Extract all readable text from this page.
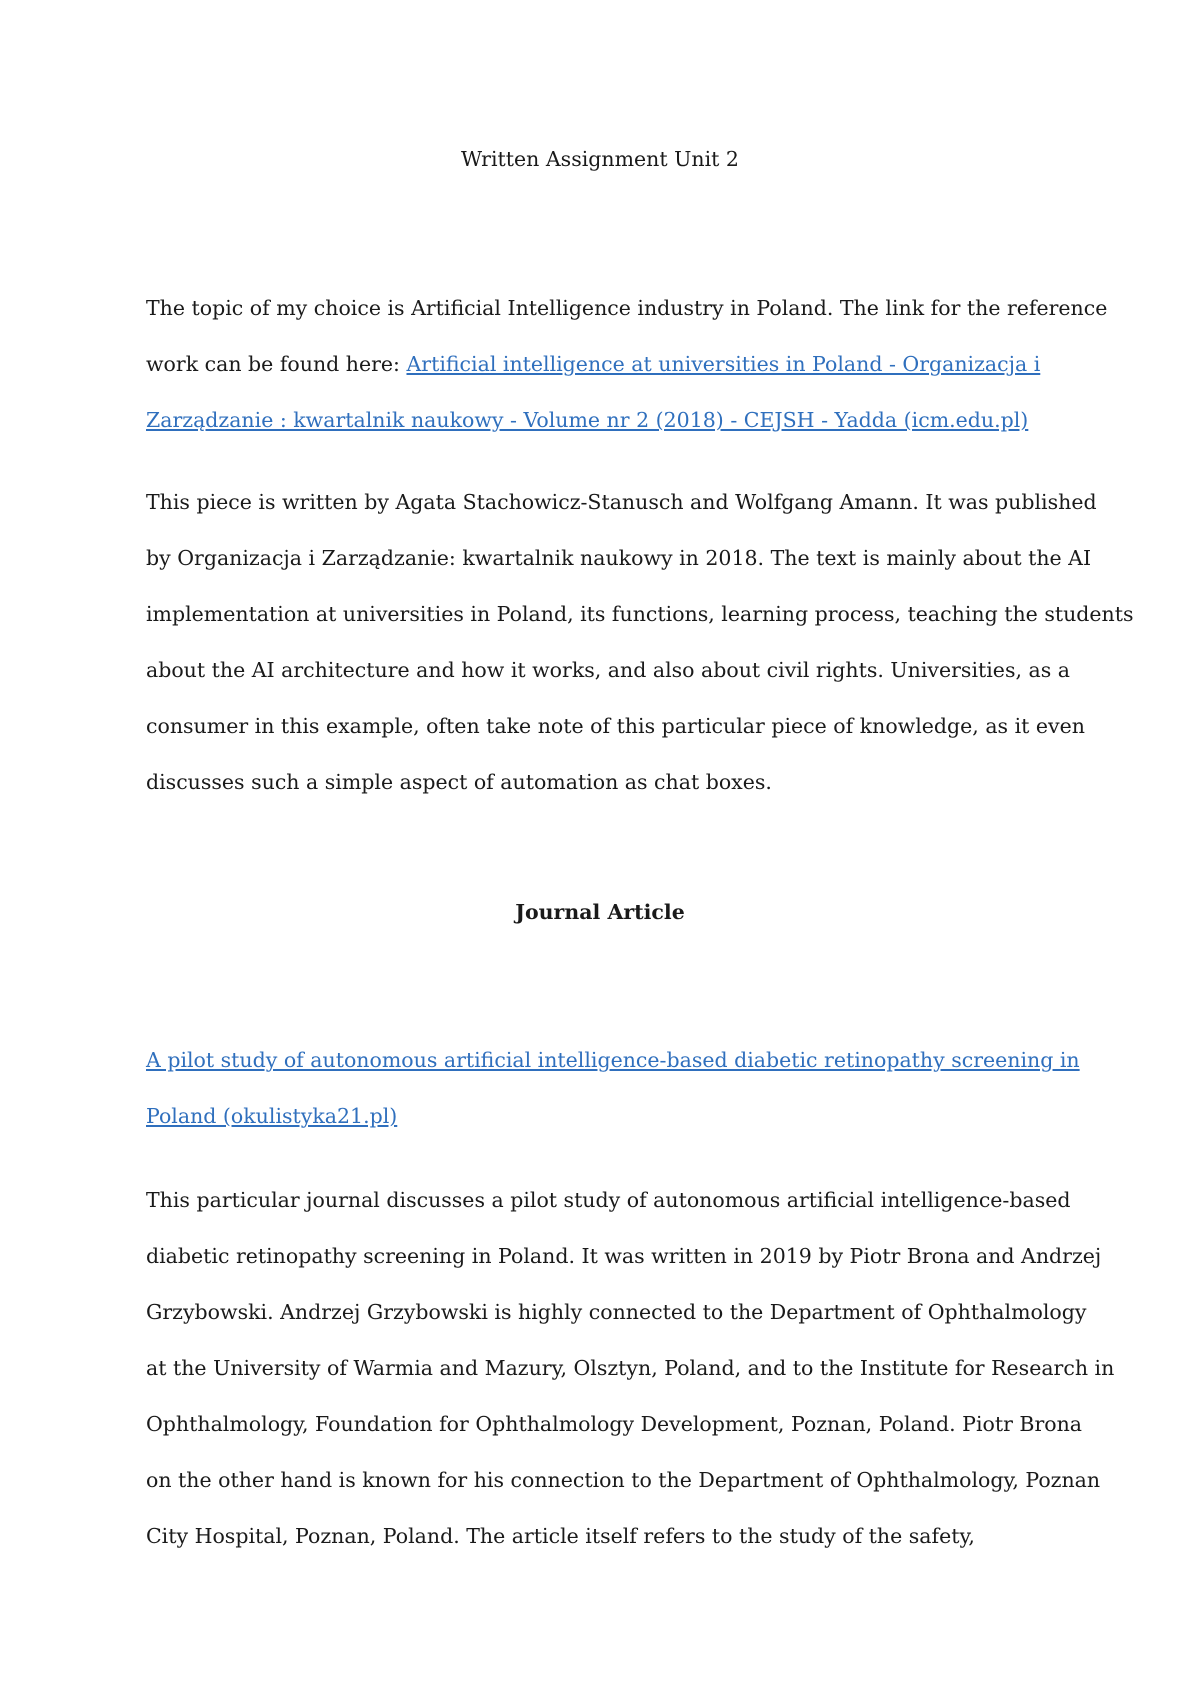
Written Assignment Unit 2
The topic of my choice is Artificial Intelligence industry in Poland. The link for the reference
work can be found here: Artificial intelligence at universities in Poland - Organizacja i
Zarządzanie : kwartalnik naukowy - Volume nr 2 (2018) - CEJSH - Yadda (icm.edu.pl)
This piece is written by Agata Stachowicz-Stanusch and Wolfgang Amann. It was published
by Organizacja i Zarządzanie: kwartalnik naukowy in 2018. The text is mainly about the AI
implementation at universities in Poland, its functions, learning process, teaching the students
about the AI architecture and how it works, and also about civil rights. Universities, as a
consumer in this example, often take note of this particular piece of knowledge, as it even
discusses such a simple aspect of automation as chat boxes.
Journal Article
A pilot study of autonomous artificial intelligence-based diabetic retinopathy screening in
Poland (okulistyka21.pl)
This particular journal discusses a pilot study of autonomous artificial intelligence-based
diabetic retinopathy screening in Poland. It was written in 2019 by Piotr Brona and Andrzej
Grzybowski. Andrzej Grzybowski is highly connected to the Department of Ophthalmology
at the University of Warmia and Mazury, Olsztyn, Poland, and to the Institute for Research in
Ophthalmology, Foundation for Ophthalmology Development, Poznan, Poland. Piotr Brona
on the other hand is known for his connection to the Department of Ophthalmology, Poznan
City Hospital, Poznan, Poland. The article itself refers to the study of the safety,
